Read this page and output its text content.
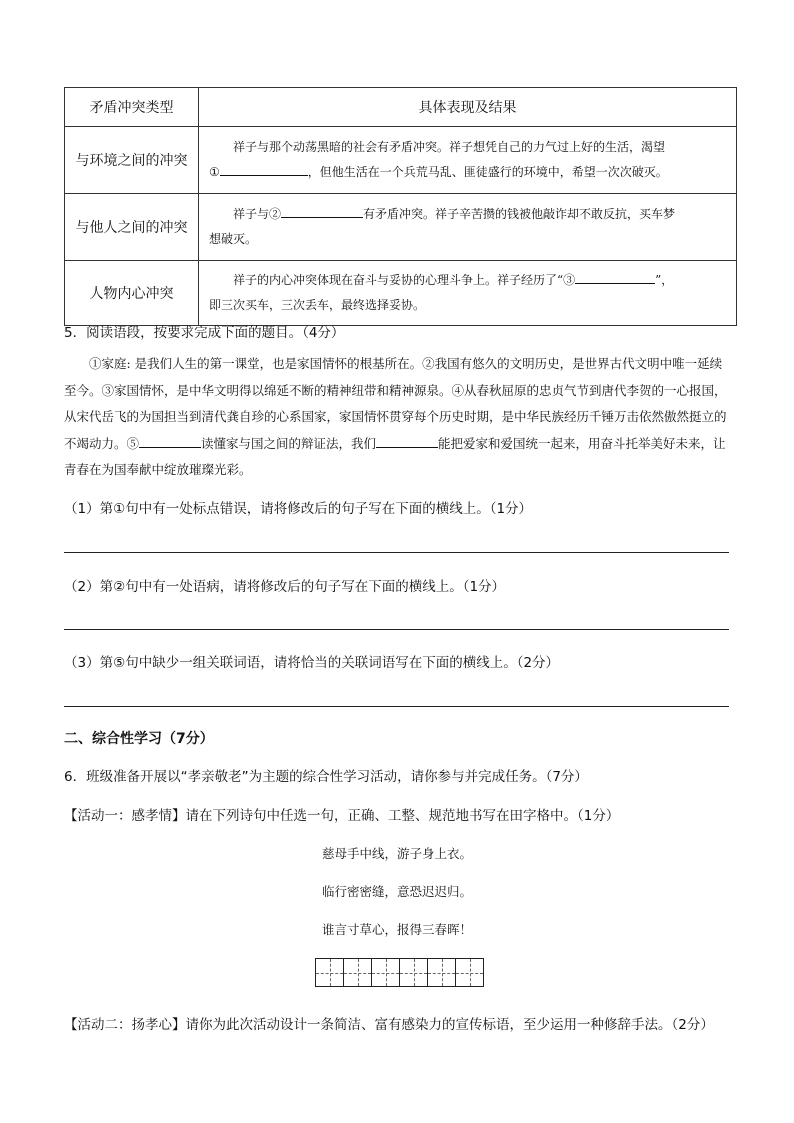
矛盾冲突类型	具体表现及结果
与环境之间的冲突	祥子与那个动荡黑暗的社会有矛盾冲突。祥子想凭自己的力气过上好的生活，渴望
① ，但他生活在一个兵荒马乱、匪徒盛行的环境中，希望一次次破灭。

与他人之间的冲突	祥子与② 有矛盾冲突。祥子辛苦攒的钱被他敲诈却不敢反抗，买车梦
想破灭。

人物内心冲突	祥子的内心冲突体现在奋斗与妥协的心理斗争上。祥子经历了“③ ”，
即三次买车，三次丢车，最终选择妥协。
5．阅读语段，按要求完成下面的题目。（4分）
①家庭: 是我们人生的第一课堂，也是家国情怀的根基所在。②我国有悠久的文明历史，是世界古代文明中唯一延续至今。③家国情怀，是中华文明得以绵延不断的精神纽带和精神源泉。④从春秋屈原的忠贞气节到唐代李贺的一心报国，从宋代岳飞的为国担当到清代龚自珍的心系国家，家国情怀贯穿每个历史时期，是中华民族经历千锤万击依然傲然挺立的不竭动力。⑤	读懂家与国之间的辩证法，我们	能把爱家和爱国统一起来，用奋斗托举美好未来，让青春在为国奉献中绽放璀璨光彩。
（1）第①句中有一处标点错误，请将修改后的句子写在下面的横线上。（1分）
（2）第②句中有一处语病，请将修改后的句子写在下面的横线上。（1分）
（3）第⑤句中缺少一组关联词语，请将恰当的关联词语写在下面的横线上。（2分）
二、综合性学习（7分）
6．班级准备开展以“孝亲敬老”为主题的综合性学习活动，请你参与并完成任务。（7分）
【活动一：感孝情】请在下列诗句中任选一句，正确、工整、规范地书写在田字格中。（1分）
慈母手中线，游子身上衣。
临行密密缝，意恐迟迟归。
谁言寸草心，报得三春晖！
【活动二：扬孝心】请你为此次活动设计一条简洁、富有感染力的宣传标语，至少运用一种修辞手法。（2分）
